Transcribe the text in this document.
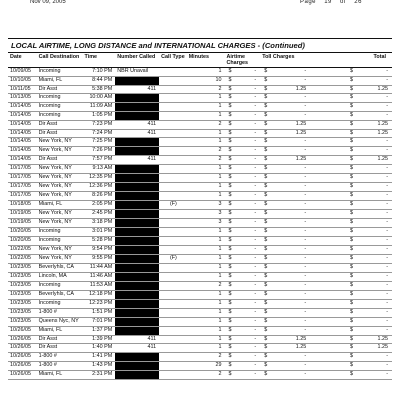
Nov 09, 2005	Page 19 of 26
LOCAL AIRTIME, LONG DISTANCE and INTERNATIONAL CHARGES - (Continued)
Date	Call Destination	Time	Number Called	Call Type	Minutes	Airtime Charges	Toll Charges	Total
10/09/05	Incoming	7:10 PM	NBR Unavail		1	$ -	$ -	$ -

10/10/05	Miami, FL	8:44 PM			10	$ -	$ -	$ -

10/11/05	Dir Asst	5:38 PM	411		2	$ -	$ 1.25	$ 1.25

10/13/05	Incoming	10:00 AM			1	$ -	$ -	$ -

10/14/05	Incoming	11:09 AM			1	$ -	$ -	$ -

10/14/05	Incoming	1:05 PM			1	$ -	$ -	$ -

10/14/05	Dir Asst	7:23 PM	411		2	$ -	$ 1.25	$ 1.25

10/14/05	Dir Asst	7:24 PM	411		1	$ -	$ 1.25	$ 1.25

10/14/05	New York, NY	7:25 PM			1	$ -	$ -	$ -

10/14/05	New York, NY	7:26 PM			2	$ -	$ -	$ -

10/14/05	Dir Asst	7:57 PM	411		2	$ -	$ 1.25	$ 1.25

10/17/05	New York, NY	9:13 AM			1	$ -	$ -	$ -

10/17/05	New York, NY	12:35 PM			1	$ -	$ -	$ -

10/17/05	New York, NY	12:36 PM			1	$ -	$ -	$ -

10/17/05	New York, NY	8:26 PM			1	$ -	$ -	$ -

10/18/05	Miami, FL	2:05 PM		(F)	3	$ -	$ -	$ -

10/19/05	New York, NY	2:45 PM			3	$ -	$ -	$ -

10/19/05	New York, NY	3:18 PM			3	$ -	$ -	$ -

10/20/05	Incoming	3:01 PM			1	$ -	$ -	$ -

10/20/05	Incoming	5:28 PM			1	$ -	$ -	$ -

10/22/05	New York, NY	9:54 PM			1	$ -	$ -	$ -

10/22/05	New York, NY	9:55 PM		(F)	1	$ -	$ -	$ -

10/23/05	Beverlyhls, CA	11:44 AM			1	$ -	$ -	$ -

10/23/05	Lincoln, MA	11:46 AM			1	$ -	$ -	$ -

10/23/05	Incoming	11:53 AM			2	$ -	$ -	$ -

10/23/05	Beverlyhls, CA	12:18 PM			1	$ -	$ -	$ -

10/23/05	Incoming	12:23 PM			1	$ -	$ -	$ -

10/23/05	1-800 #	1:51 PM			1	$ -	$ -	$ -

10/23/05	Queens Nyc, NY	7:01 PM			1	$ -	$ -	$ -

10/26/05	Miami, FL	1:37 PM			1	$ -	$ -	$ -

10/26/05	Dir Asst	1:39 PM	411		1	$ -	$ 1.25	$ 1.25

10/26/05	Dir Asst	1:40 PM	411		1	$ -	$ 1.25	$ 1.25

10/26/05	1-800 #	1:41 PM			2	$ -	$ -	$ -

10/26/05	1-800 #	1:43 PM			29	$ -	$ -	$ -

10/26/05	Miami, FL	2:31 PM			2	$ -	$ -	$ -
